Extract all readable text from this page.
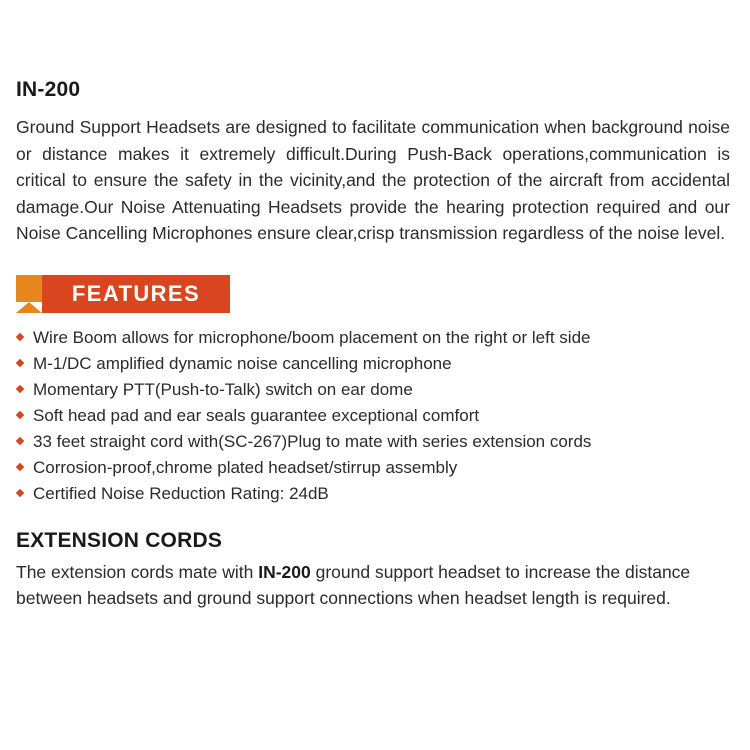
IN-200

Ground Support Headsets are designed to facilitate communication when background noise or distance makes it extremely difficult.During Push-Back operations,communication is critical to ensure the safety in the vicinity,and the protection of the aircraft from accidental damage.Our Noise Attenuating Headsets provide the hearing protection required and our Noise Cancelling Microphones ensure clear,crisp transmission regardless of the noise level.

FEATURES
Wire Boom allows for microphone/boom placement on the right or left side
M-1/DC amplified dynamic noise cancelling microphone
Momentary PTT(Push-to-Talk) switch on ear dome
Soft head pad and ear seals guarantee exceptional comfort
33 feet straight cord with(SC-267)Plug to mate with series extension cords
Corrosion-proof,chrome plated headset/stirrup assembly
Certified Noise Reduction Rating: 24dB
EXTENSION CORDS

The extension cords mate with IN-200 ground support headset to increase the distance between headsets and ground support connections when headset length is required.
